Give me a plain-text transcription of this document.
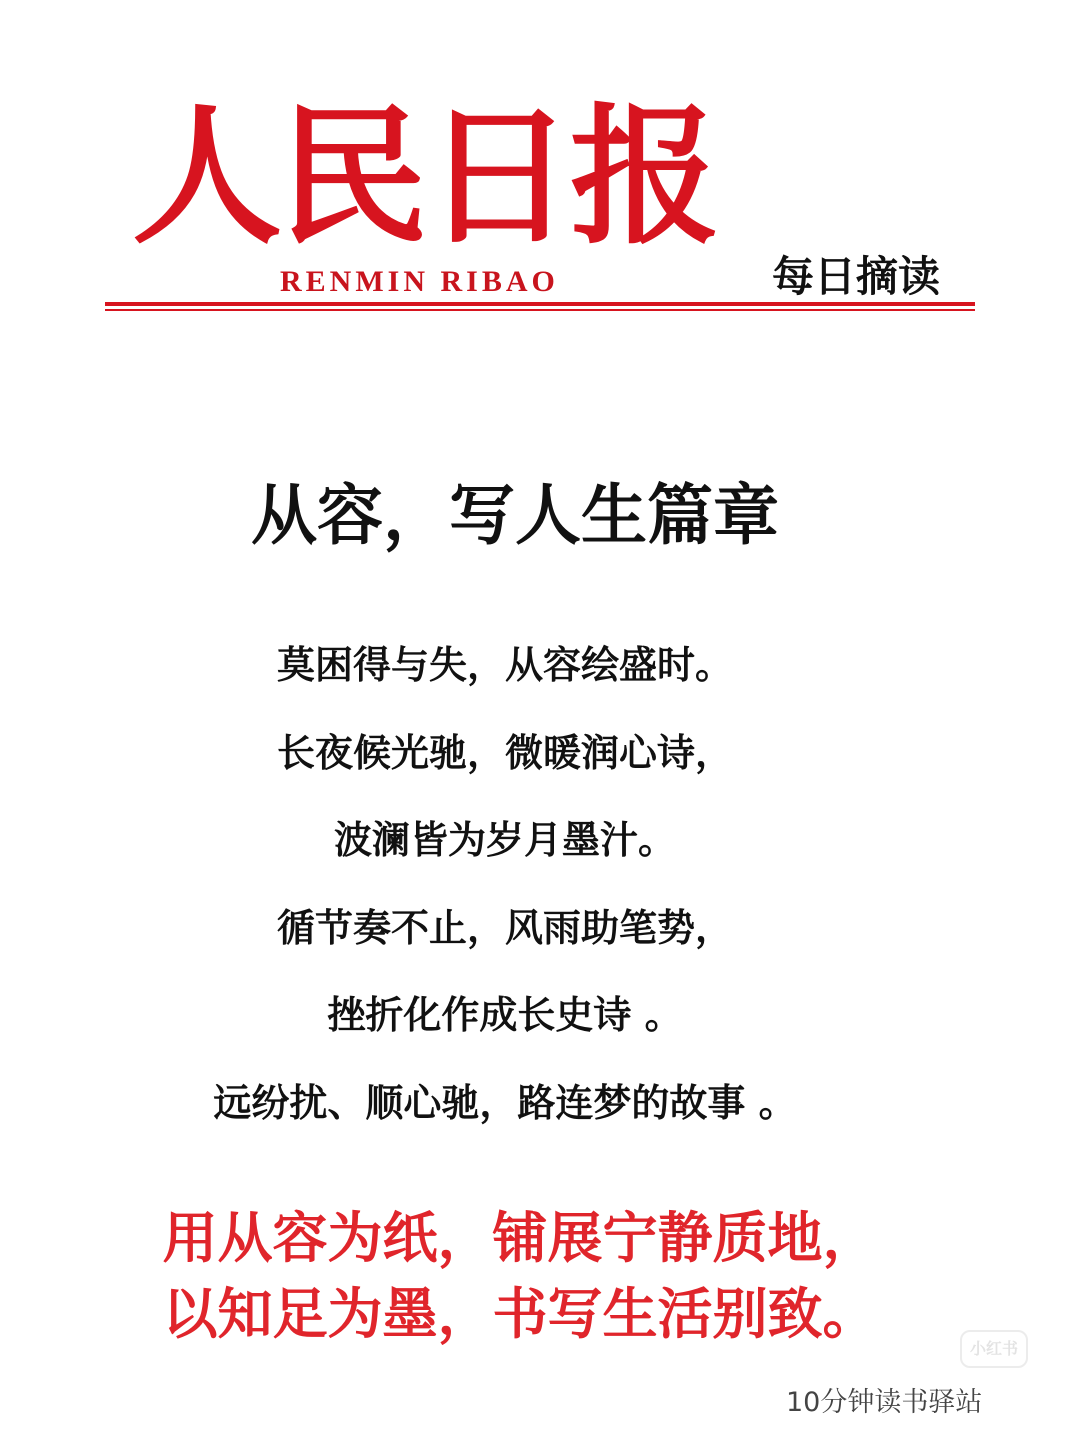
人民日报
RENMIN RIBAO	每日摘读
从容，写人生篇章
莫困得与失，从容绘盛时。
长夜候光驰，微暖润心诗，
波澜皆为岁月墨汁。
循节奏不止，风雨助笔势，
挫折化作成长史诗 。
远纷扰、顺心驰，路连梦的故事 。
用从容为纸，铺展宁静质地，
以知足为墨，书写生活别致。
小红书
10分钟读书驿站
